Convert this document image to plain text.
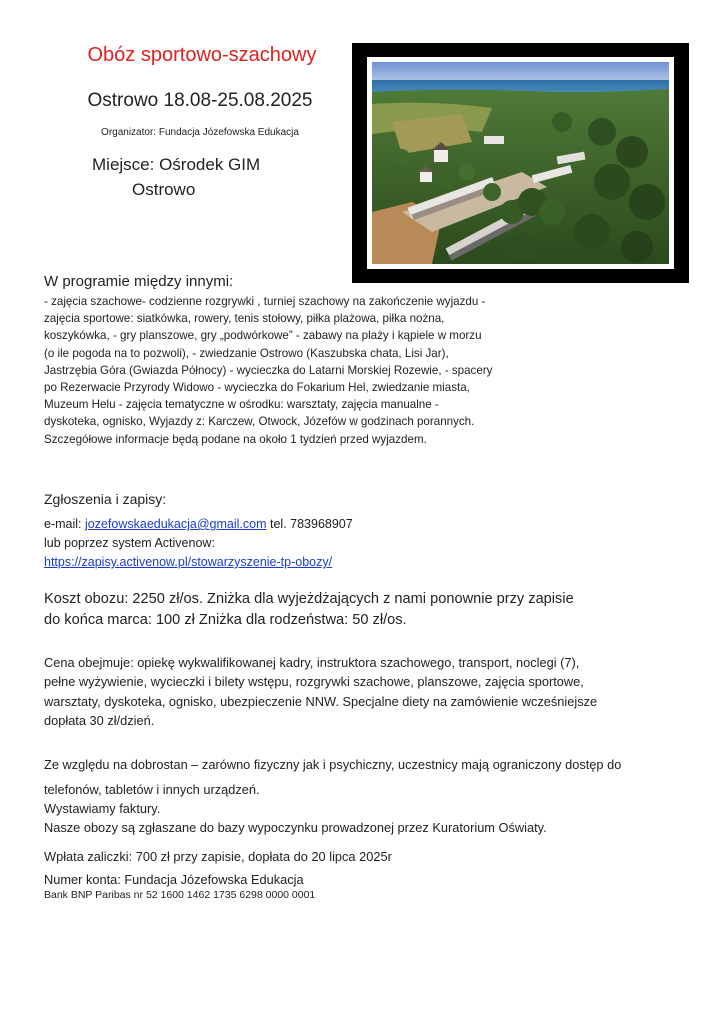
Obóz sportowo-szachowy
Ostrowo 18.08-25.08.2025
Organizator: Fundacja Józefowska Edukacja
Miejsce: Ośrodek GIM
Ostrowo
W programie między innymi:
- zajęcia szachowe- codzienne rozgrywki , turniej szachowy na zakończenie wyjazdu -
zajęcia sportowe: siatkówka, rowery, tenis stołowy, piłka plażowa, piłka nożna,
koszykówka, - gry planszowe, gry „podwórkowe” - zabawy na plaży i kąpiele w morzu
(o ile pogoda na to pozwoli), - zwiedzanie Ostrowo (Kaszubska chata, Lisi Jar),
Jastrzębia Góra (Gwiazda Północy) - wycieczka do Latarni Morskiej Rozewie, - spacery
po Rezerwacie Przyrody Widowo - wycieczka do Fokarium Hel, zwiedzanie miasta,
Muzeum Helu - zajęcia tematyczne w ośrodku: warsztaty, zajęcia manualne -
dyskoteka, ognisko, Wyjazdy z: Karczew, Otwock, Józefów w godzinach porannych.
Szczegółowe informacje będą podane na około 1 tydzień przed wyjazdem.
Zgłoszenia i zapisy:
e-mail: jozefowskaedukacja@gmail.com tel. 783968907
lub poprzez system Activenow:
https://zapisy.activenow.pl/stowarzyszenie-tp-obozy/
Koszt obozu: 2250 zł/os. Zniżka dla wyjeżdżających z nami ponownie przy zapisie
do końca marca: 100 zł Zniżka dla rodzeństwa: 50 zł/os.
Cena obejmuje: opiekę wykwalifikowanej kadry, instruktora szachowego, transport, noclegi (7),
pełne wyżywienie, wycieczki i bilety wstępu, rozgrywki szachowe, planszowe, zajęcia sportowe,
warsztaty, dyskoteka, ognisko, ubezpieczenie NNW. Specjalne diety na zamówienie wcześniejsze
dopłata 30 zł/dzień.
Ze względu na dobrostan – zarówno fizyczny jak i psychiczny, uczestnicy mają ograniczony dostęp do
telefonów, tabletów i innych urządzeń.
Wystawiamy faktury.
Nasze obozy są zgłaszane do bazy wypoczynku prowadzonej przez Kuratorium Oświaty.
Wpłata zaliczki: 700 zł przy zapisie, dopłata do 20 lipca 2025r
Numer konta: Fundacja Józefowska Edukacja
Bank BNP Paribas nr 52 1600 1462 1735 6298 0000 0001
